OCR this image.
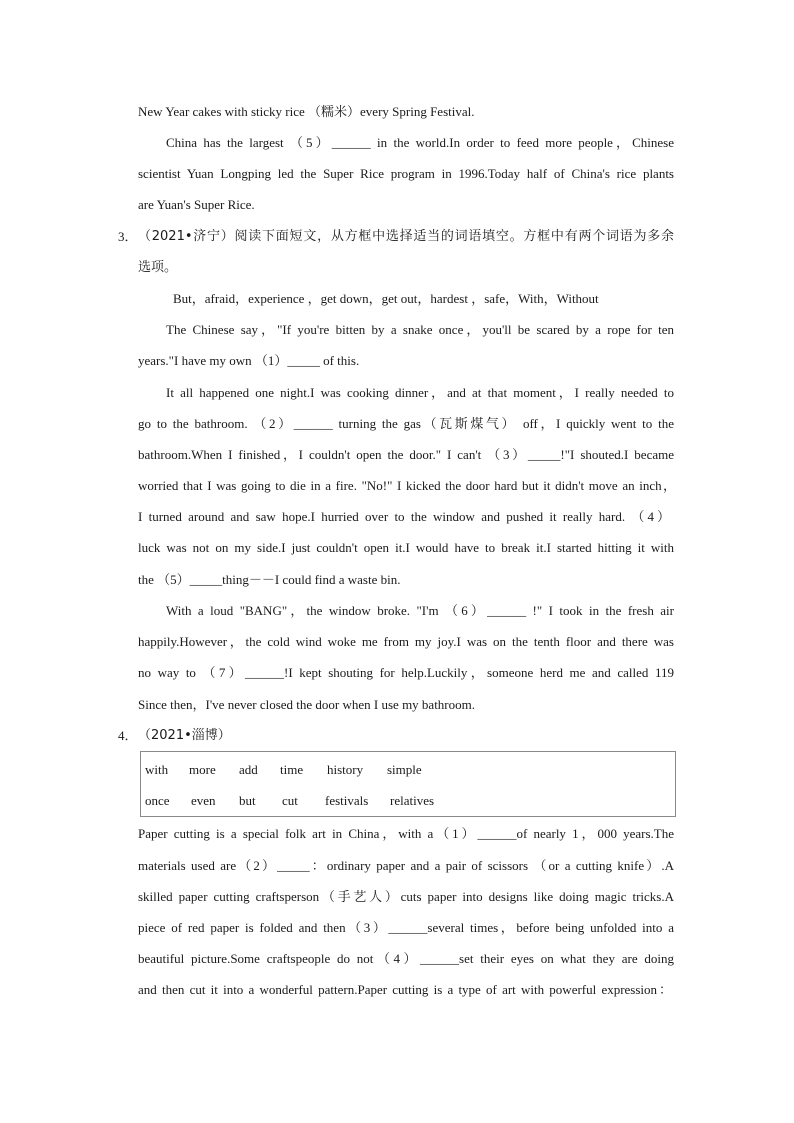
New Year cakes with sticky rice （糯米）every Spring Festival.
China has the largest （5）______ in the world.In order to feed more people，Chinese
scientist Yuan Longping led the Super Rice program in 1996.Today half of China's rice plants
are Yuan's Super Rice.
3． （2021•济宁）阅读下面短文，从方框中选择适当的词语填空。方框中有两个词语为多余
选项。
But，afraid，experience ，get down，get out，hardest ，safe，With，Without
The Chinese say，"If you're bitten by a snake once，you'll be scared by a rope for ten
years."I have my own （1）_____ of this.
It all happened one night.I was cooking dinner，and at that moment，I really needed to
go to the bathroom. （2）______ turning the gas（瓦斯煤气） off，I quickly went to the
bathroom.When I finished，I couldn't open the door." I can't （3）_____!"I shouted.I became
worried that I was going to die in a fire. "No!" I kicked the door hard but it didn't move an inch，
I turned around and saw hope.I hurried over to the window and pushed it really hard. （4）
luck was not on my side.I just couldn't open it.I would have to break it.I started hitting it with
the （5）_____thing－－I could find a waste bin.
With a loud "BANG"，the window broke. "I'm （6）______ !" I took in the fresh air
happily.However，the cold wind woke me from my joy.I was on the tenth floor and there was
no way to （7）______!I kept shouting for help.Luckily，someone herd me and called 119
Since then，I've never closed the door when I use my bathroom.
4． （2021•淄博）
with more add time history simple
once even but cut festivals relatives
Paper cutting is a special folk art in China，with a（1）______of nearly 1，000 years.The
materials used are（2）_____：ordinary paper and a pair of scissors （or a cutting knife）.A
skilled paper cutting craftsperson（手艺人）cuts paper into designs like doing magic tricks.A
piece of red paper is folded and then（3）______several times，before being unfolded into a
beautiful picture.Some craftspeople do not（4）______set their eyes on what they are doing
and then cut it into a wonderful pattern.Paper cutting is a type of art with powerful expression：
